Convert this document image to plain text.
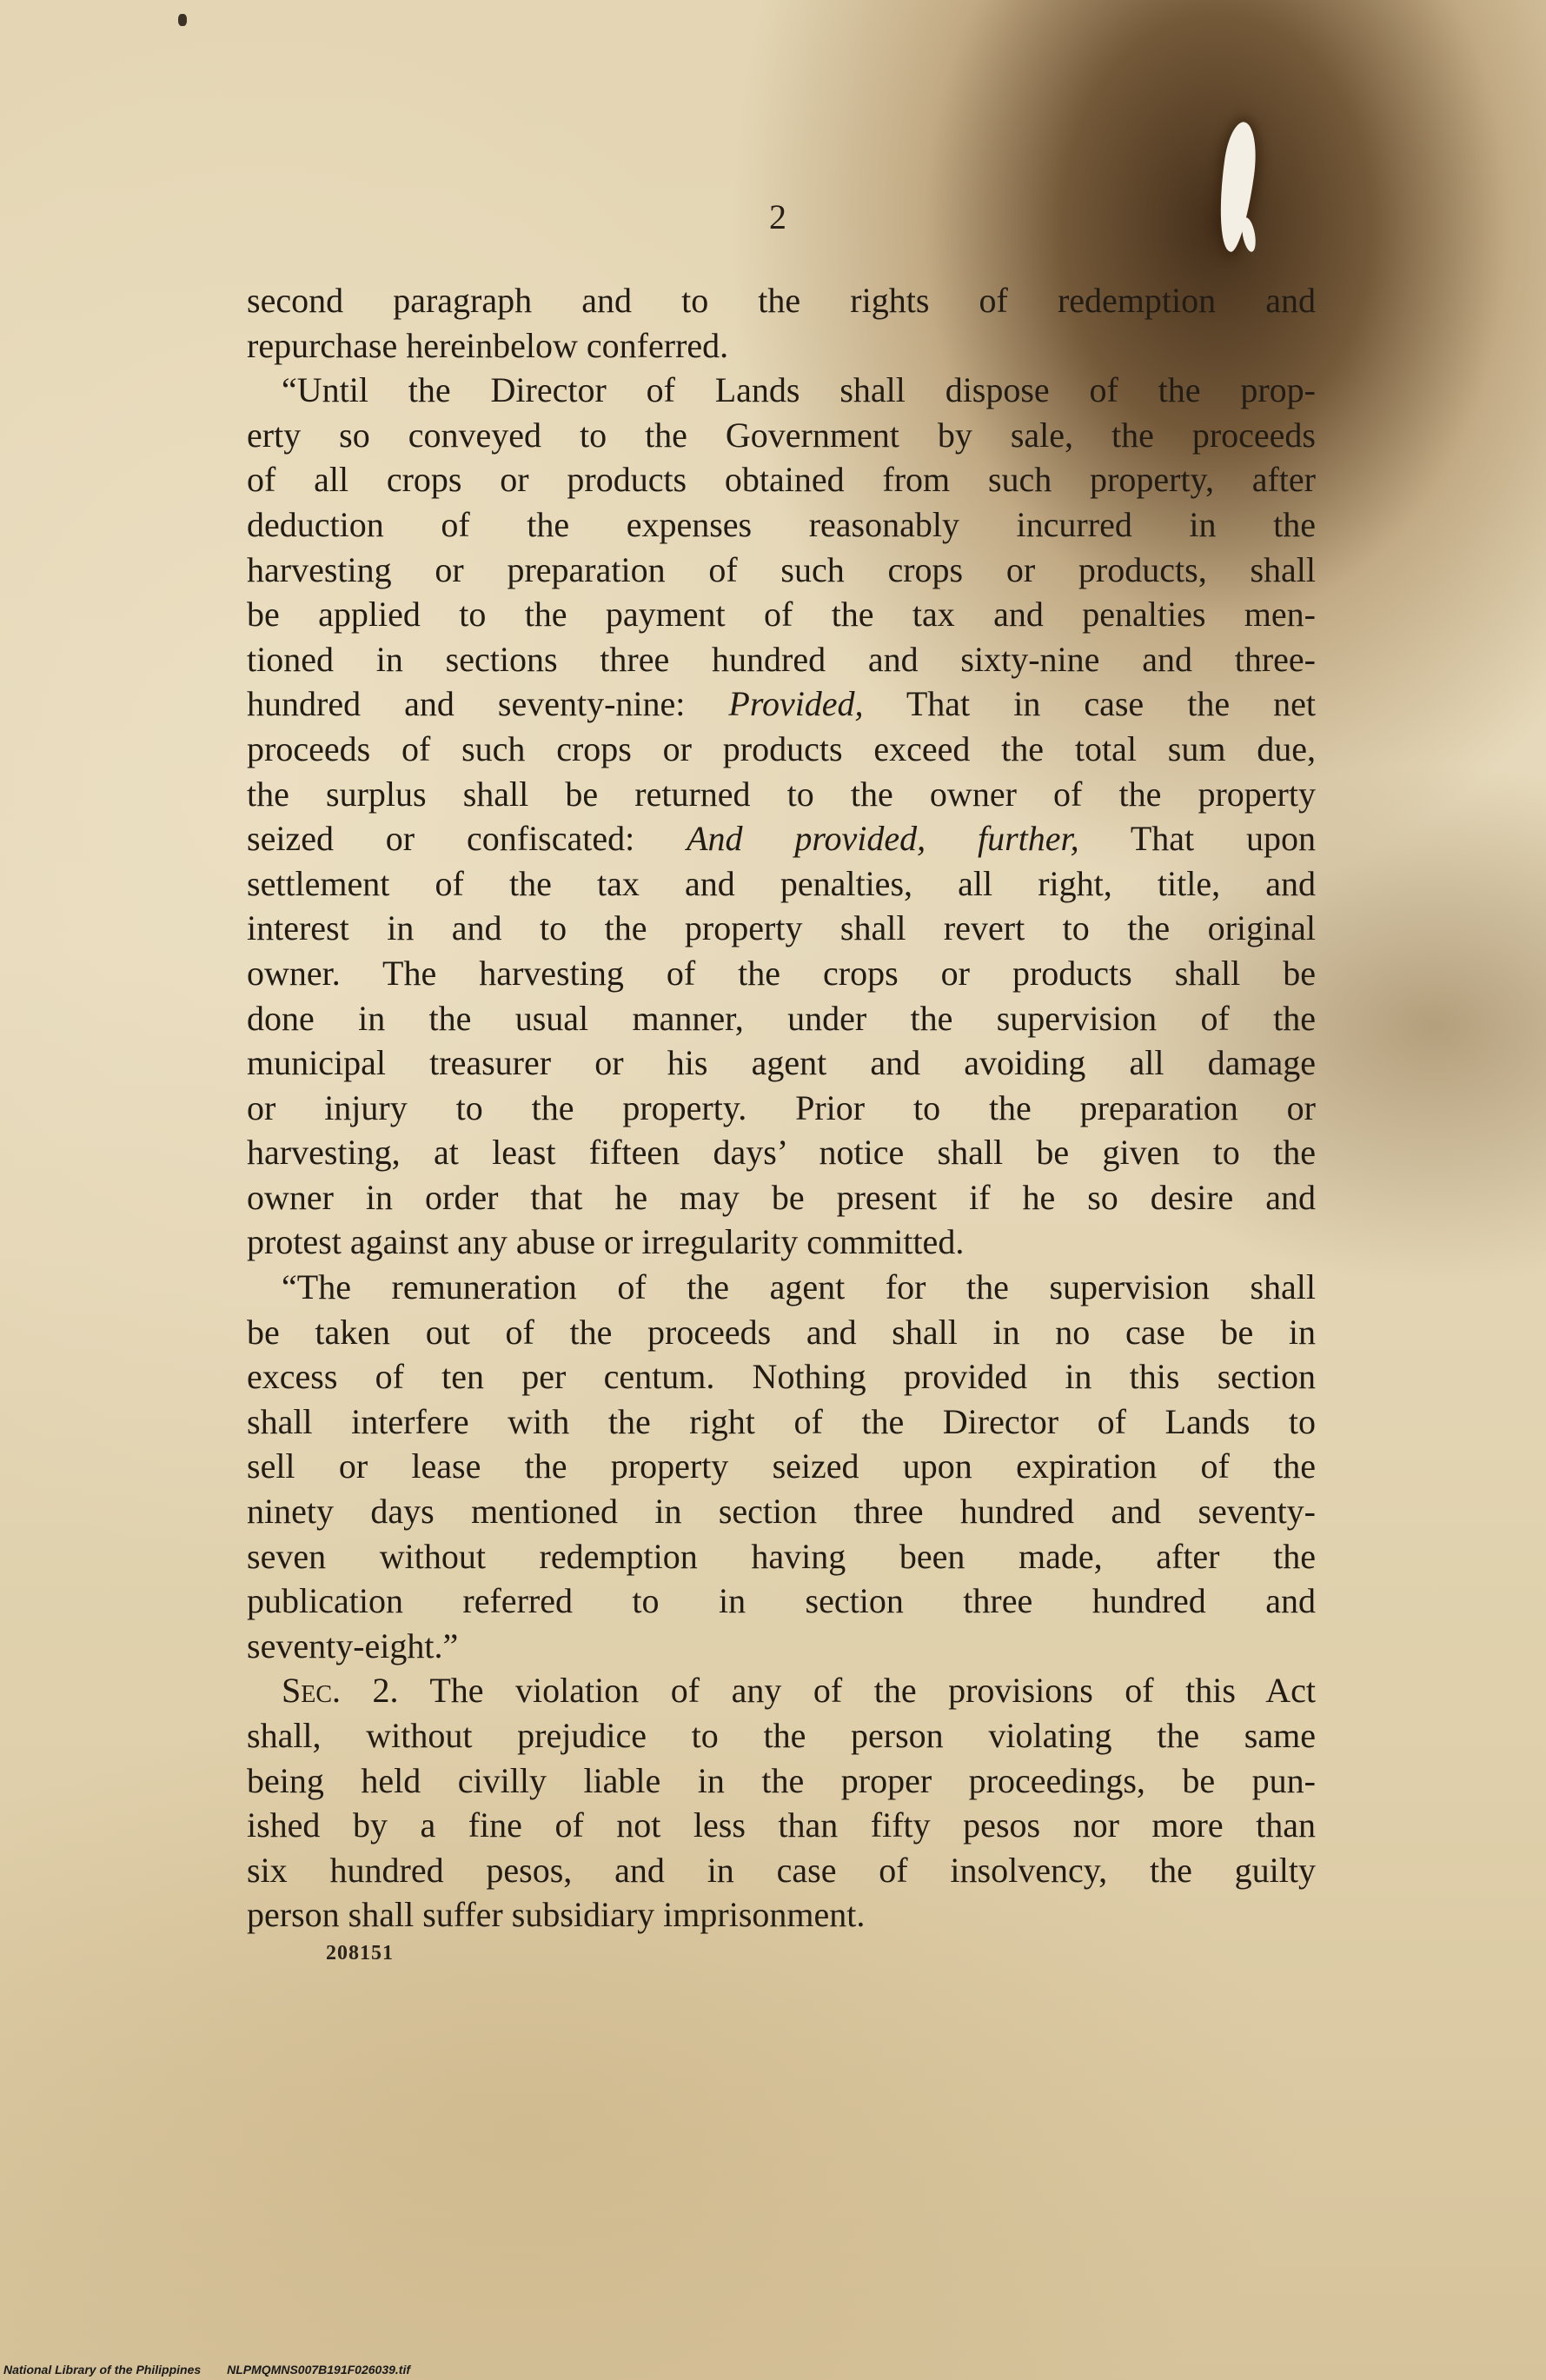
2
second paragraph and to the rights of redemption and
repurchase hereinbelow conferred.
“Until the Director of Lands shall dispose of the prop-
erty so conveyed to the Government by sale, the proceeds
of all crops or products obtained from such property, after
deduction of the expenses reasonably incurred in the
harvesting or preparation of such crops or products, shall
be applied to the payment of the tax and penalties men-
tioned in sections three hundred and sixty-nine and three-
hundred and seventy-nine: Provided, That in case the net
proceeds of such crops or products exceed the total sum due,
the surplus shall be returned to the owner of the property
seized or confiscated: And provided, further, That upon
settlement of the tax and penalties, all right, title, and
interest in and to the property shall revert to the original
owner. The harvesting of the crops or products shall be
done in the usual manner, under the supervision of the
municipal treasurer or his agent and avoiding all damage
or injury to the property. Prior to the preparation or
harvesting, at least fifteen days’ notice shall be given to the
owner in order that he may be present if he so desire and
protest against any abuse or irregularity committed.
“The remuneration of the agent for the supervision shall
be taken out of the proceeds and shall in no case be in
excess of ten per centum. Nothing provided in this section
shall interfere with the right of the Director of Lands to
sell or lease the property seized upon expiration of the
ninety days mentioned in section three hundred and seventy-
seven without redemption having been made, after the
publication referred to in section three hundred and
seventy-eight.”
Sec. 2. The violation of any of the provisions of this Act
shall, without prejudice to the person violating the same
being held civilly liable in the proper proceedings, be pun-
ished by a fine of not less than fifty pesos nor more than
six hundred pesos, and in case of insolvency, the guilty
person shall suffer subsidiary imprisonment.
208151
National Library of the Philippines NLPMQMNS007B191F026039.tif
